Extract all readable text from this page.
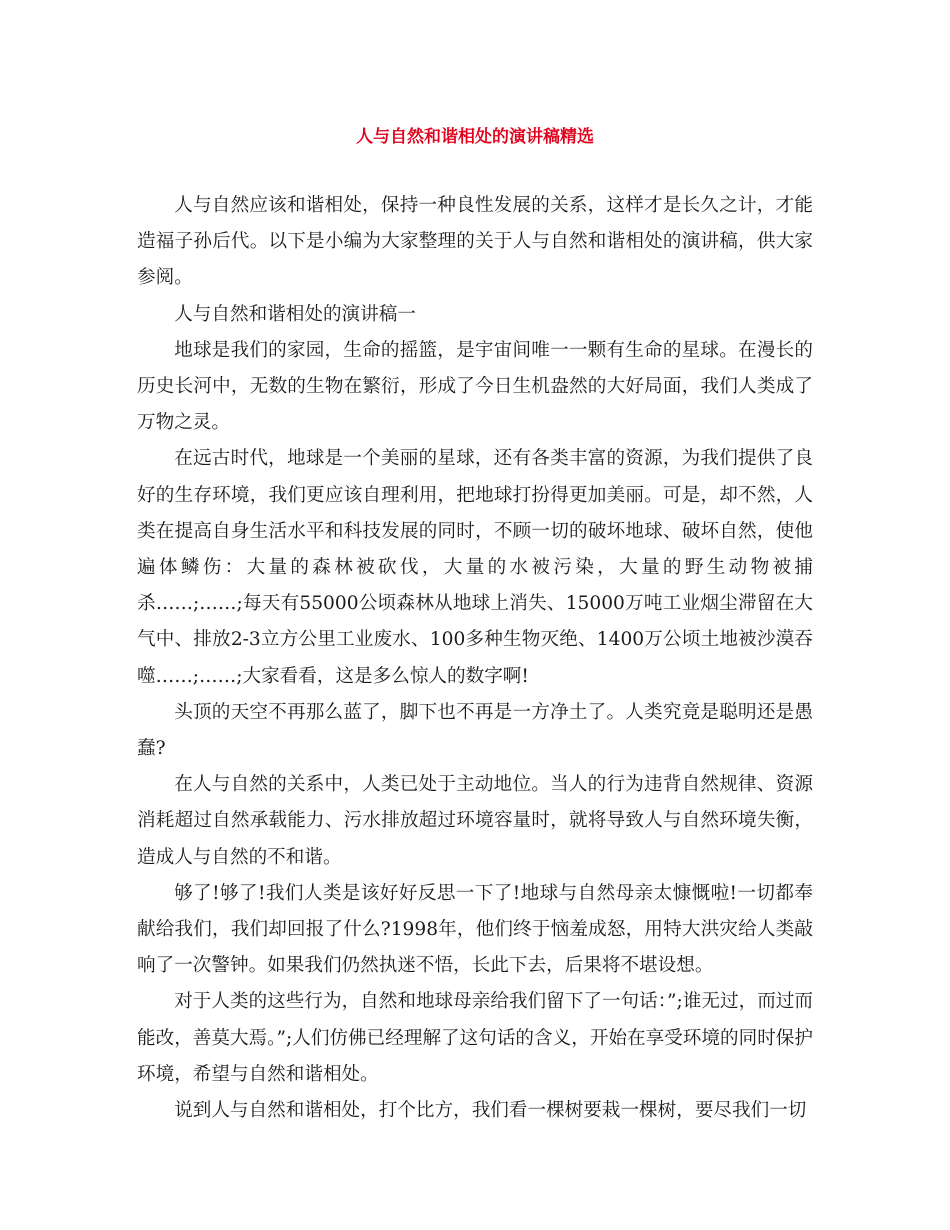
人与自然和谐相处的演讲稿精选

人与自然应该和谐相处，保持一种良性发展的关系，这样才是长久之计，才能造福子孙后代。以下是小编为大家整理的关于人与自然和谐相处的演讲稿，供大家参阅。

人与自然和谐相处的演讲稿一

地球是我们的家园，生命的摇篮，是宇宙间唯一一颗有生命的星球。在漫长的历史长河中，无数的生物在繁衍，形成了今日生机盎然的大好局面，我们人类成了万物之灵。

在远古时代，地球是一个美丽的星球，还有各类丰富的资源，为我们提供了良好的生存环境，我们更应该自理利用，把地球打扮得更加美丽。可是，却不然，人类在提高自身生活水平和科技发展的同时，不顾一切的破坏地球、破坏自然，使他遍体鳞伤：大量的森林被砍伐，大量的水被污染，大量的野生动物被捕杀……;……;每天有55000公顷森林从地球上消失、15000万吨工业烟尘滞留在大气中、排放2-3立方公里工业废水、100多种生物灭绝、1400万公顷土地被沙漠吞噬……;……;大家看看，这是多么惊人的数字啊!

头顶的天空不再那么蓝了，脚下也不再是一方净土了。人类究竟是聪明还是愚蠢?

在人与自然的关系中，人类已处于主动地位。当人的行为违背自然规律、资源消耗超过自然承载能力、污水排放超过环境容量时，就将导致人与自然环境失衡，造成人与自然的不和谐。

够了!够了!我们人类是该好好反思一下了!地球与自然母亲太慷慨啦!一切都奉献给我们，我们却回报了什么?1998年，他们终于恼羞成怒，用特大洪灾给人类敲响了一次警钟。如果我们仍然执迷不悟，长此下去，后果将不堪设想。

对于人类的这些行为，自然和地球母亲给我们留下了一句话：”;谁无过，而过而能改，善莫大焉。”;人们仿佛已经理解了这句话的含义，开始在享受环境的同时保护环境，希望与自然和谐相处。

说到人与自然和谐相处，打个比方，我们看一棵树要栽一棵树，要尽我们一切
